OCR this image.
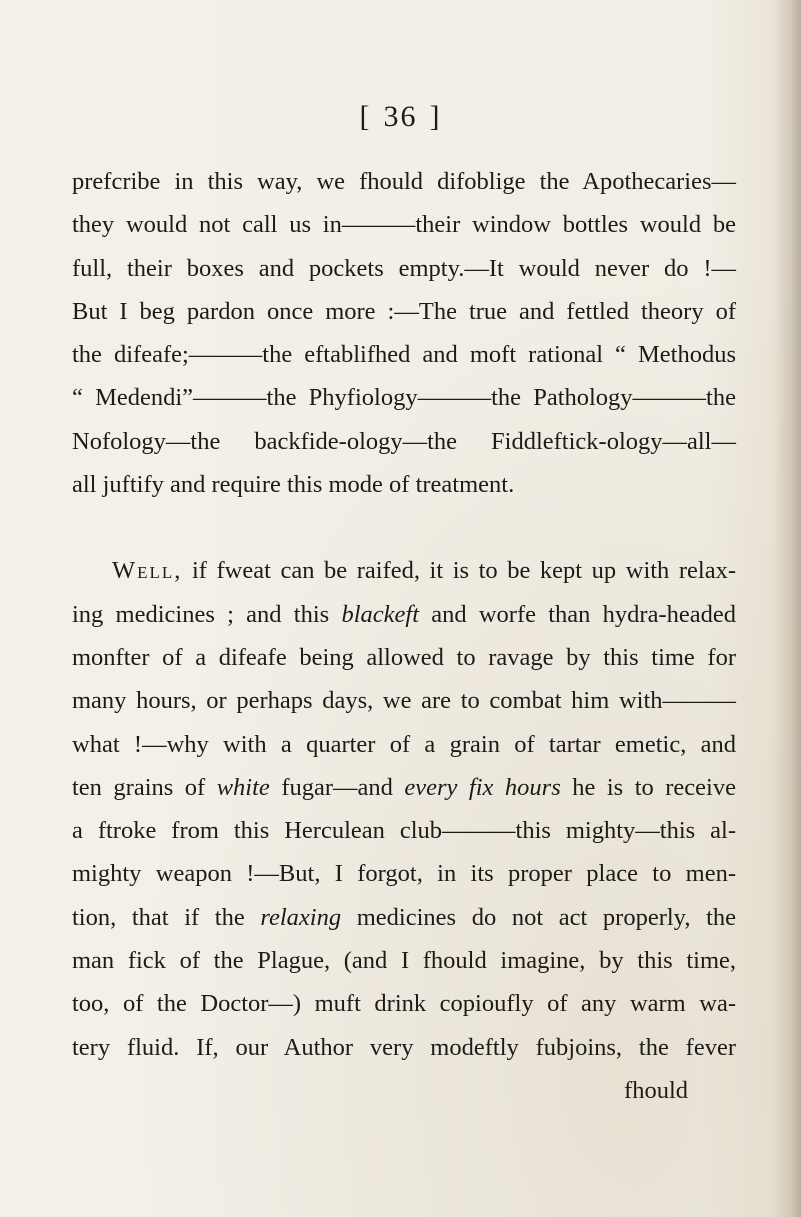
[ 36 ]
prefcribe in this way, we fhould difoblige the Apothecaries—
they would not call us in———their window bottles would be
full, their boxes and pockets empty.—It would never do !—
But I beg pardon once more :—The true and fettled theory of
the difeafe;———the eftablifhed and moft rational “ Methodus
“ Medendi”———the Phyfiology———the Pathology———the
Nofology—the backfide-ology—the Fiddleftick-ology—all—
all juftify and require this mode of treatment.
Well, if fweat can be raifed, it is to be kept up with relax-
ing medicines ; and this blackeft and worfe than hydra-headed
monfter of a difeafe being allowed to ravage by this time for
many hours, or perhaps days, we are to combat him with———
what !—why with a quarter of a grain of tartar emetic, and
ten grains of white fugar—and every fix hours he is to receive
a ftroke from this Herculean club———this mighty—this al-
mighty weapon !—But, I forgot, in its proper place to men-
tion, that if the relaxing medicines do not act properly, the
man fick of the Plague, (and I fhould imagine, by this time,
too, of the Doctor—) muft drink copioufly of any warm wa-
tery fluid. If, our Author very modeftly fubjoins, the fever
fhould
